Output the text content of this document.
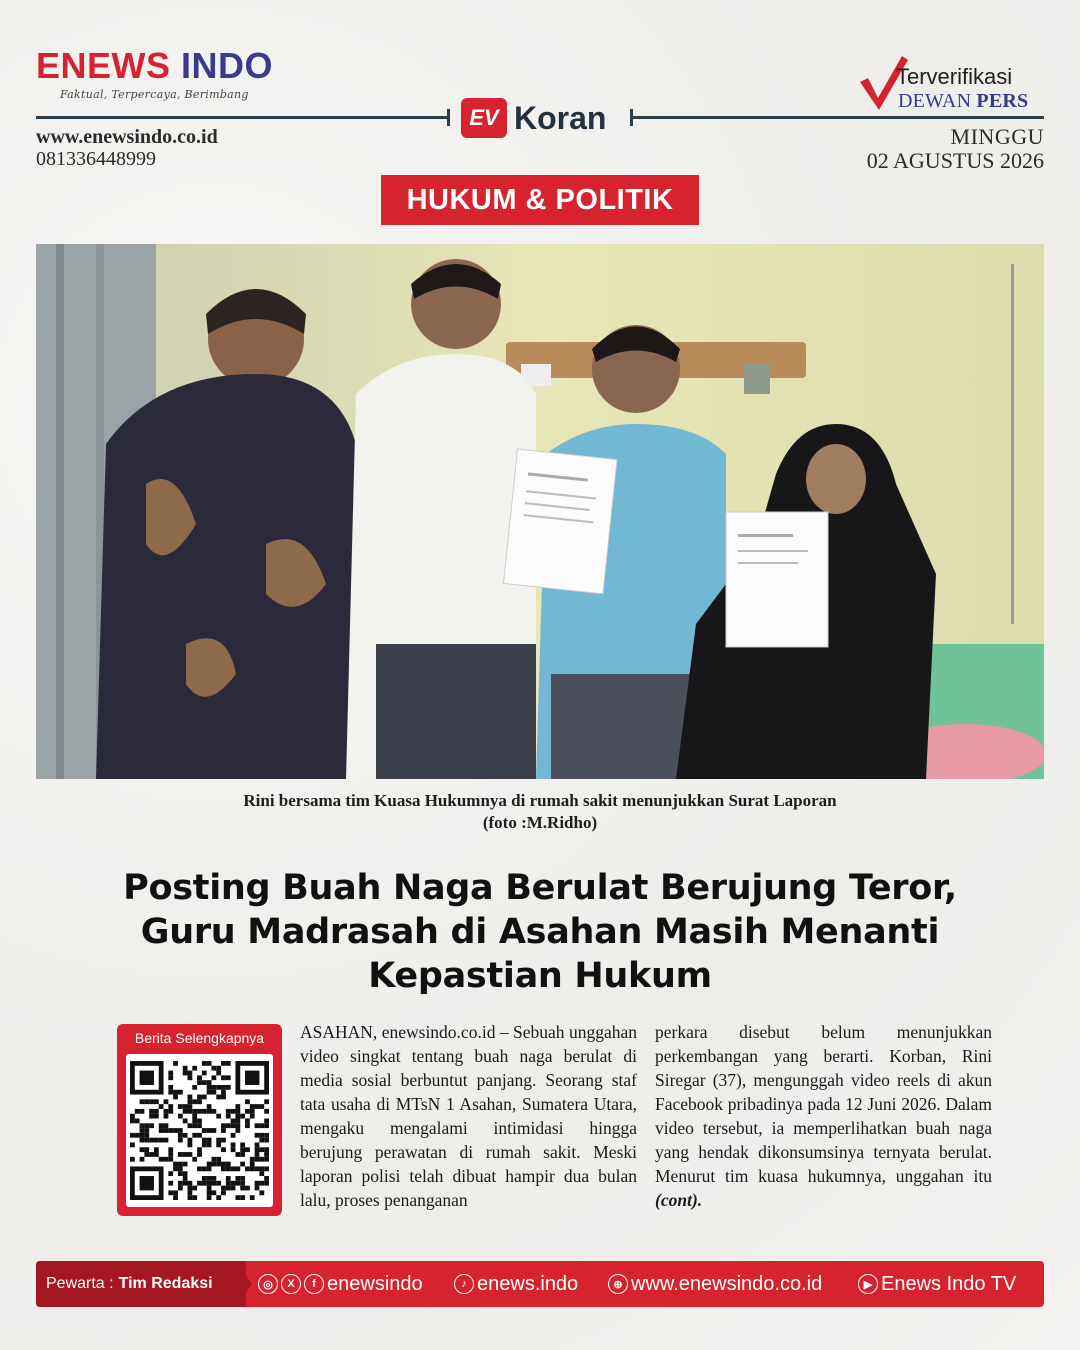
ENEWS INDO
Faktual, Terpercaya, Berimbang
EV Koran
www.enewsindo.co.id
081336448999
Terverifikasi
DEWAN PERS
MINGGU
02 AGUSTUS 2026
HUKUM & POLITIK
Rini bersama tim Kuasa Hukumnya di rumah sakit menunjukkan Surat Laporan
(foto :M.Ridho)
Posting Buah Naga Berulat Berujung Teror, Guru Madrasah di Asahan Masih Menanti Kepastian Hukum
Berita Selengkapnya	ASAHAN, enewsindo.co.id – Sebuah unggahan video singkat tentang buah naga berulat di media sosial berbuntut panjang. Seorang staf tata usaha di MTsN 1 Asahan, Sumatera Utara, mengaku mengalami intimidasi hingga berujung perawatan di rumah sakit. Meski laporan polisi telah dibuat hampir dua bulan lalu, proses penanganan
perkara disebut belum menunjukkan perkembangan yang berarti. Korban, Rini Siregar (37), mengunggah video reels di akun Facebook pribadinya pada 12 Juni 2026. Dalam video tersebut, ia memperlihatkan buah naga yang hendak dikonsumsinya ternyata berulat. Menurut tim kuasa hukumnya, unggahan itu (cont).
Pewarta : Tim Redaksi	◎	X	f enewsindo	♪ enews.indo	⊕ www.enewsindo.co.id	▶ Enews Indo TV
